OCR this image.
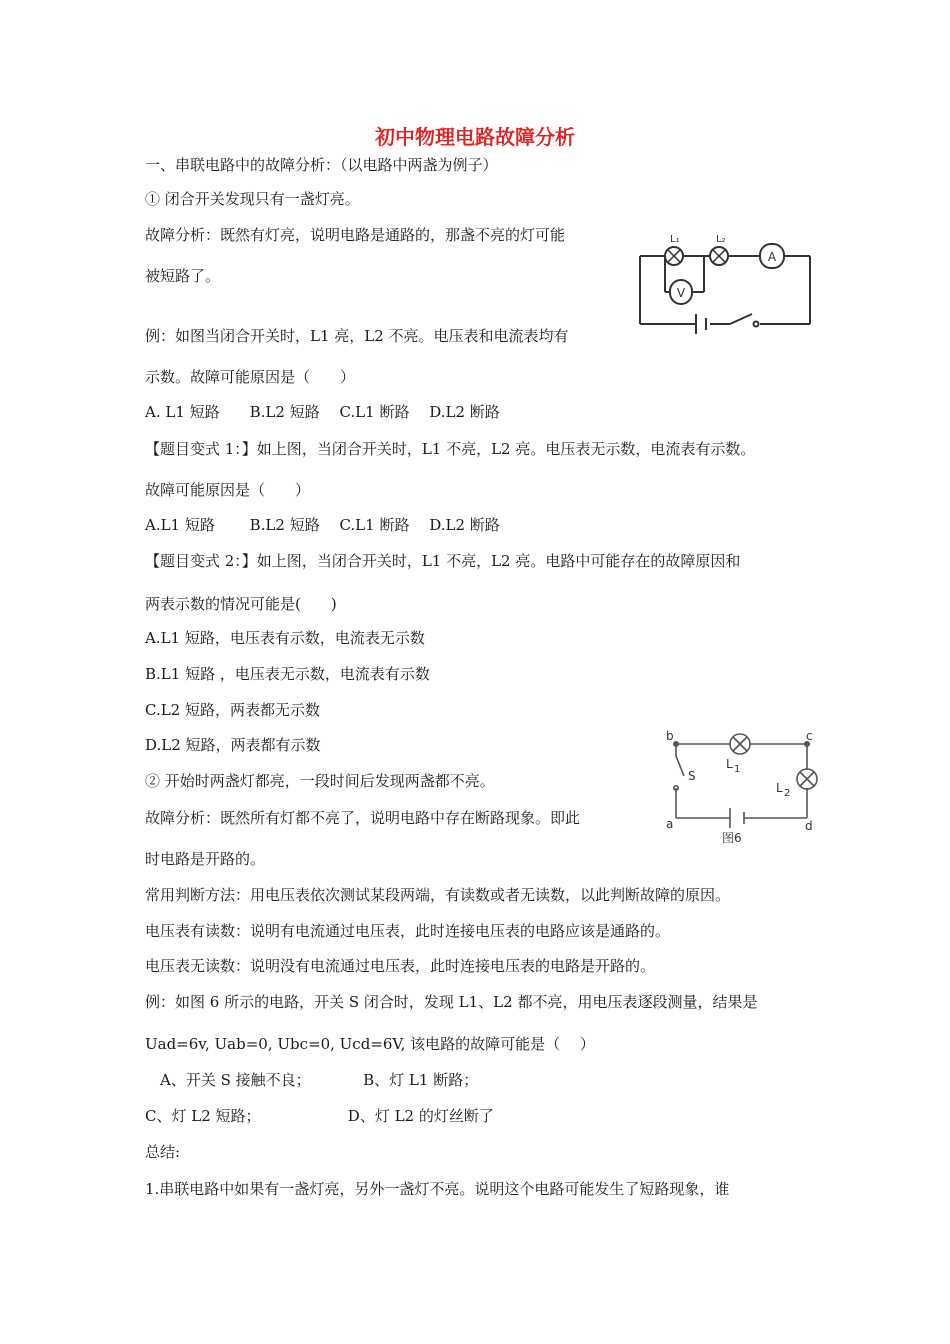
初中物理电路故障分析
一、串联电路中的故障分析：（以电路中两盏为例子）
① 闭合开关发现只有一盏灯亮。
故障分析：既然有灯亮，说明电路是通路的，那盏不亮的灯可能
被短路了。
例：如图当闭合开关时，L1 亮，L2 不亮。电压表和电流表均有
示数。故障可能原因是（　　）
A. L1 短路　　B.L2 短路　 C.L1 断路　 D.L2 断路
【题目变式 1：】如上图，当闭合开关时，L1 不亮，L2 亮。电压表无示数，电流表有示数。
故障可能原因是（　　）
A.L1 短路　　 B.L2 短路　 C.L1 断路　 D.L2 断路
【题目变式 2：】如上图，当闭合开关时，L1 不亮，L2 亮。电路中可能存在的故障原因和
两表示数的情况可能是(　　)
A.L1 短路，电压表有示数，电流表无示数
B.L1 短路 ，电压表无示数，电流表有示数
C.L2 短路，两表都无示数
D.L2 短路，两表都有示数
② 开始时两盏灯都亮，一段时间后发现两盏都不亮。
故障分析：既然所有灯都不亮了，说明电路中存在断路现象。即此
时电路是开路的。
常用判断方法：用电压表依次测试某段两端，有读数或者无读数，以此判断故障的原因。
电压表有读数：说明有电流通过电压表，此时连接电压表的电路应该是通路的。
电压表无读数：说明没有电流通过电压表，此时连接电压表的电路是开路的。
例：如图 6 所示的电路，开关 S 闭合时，发现 L1、L2 都不亮，用电压表逐段测量，结果是
Uad=6v, Uab=0, Ubc=0, Ucd=6V, 该电路的故障可能是（　 ）
　A、开关 S 接触不良；　　　　B、灯 L1 断路；
C、灯 L2 短路；　　　　　　 D、灯 L2 的灯丝断了
总结:
1.串联电路中如果有一盏灯亮，另外一盏灯不亮。说明这个电路可能发生了短路现象，谁
A
V
L₁	L₂
b	c
a	d
S
L 1
L 2
图6
